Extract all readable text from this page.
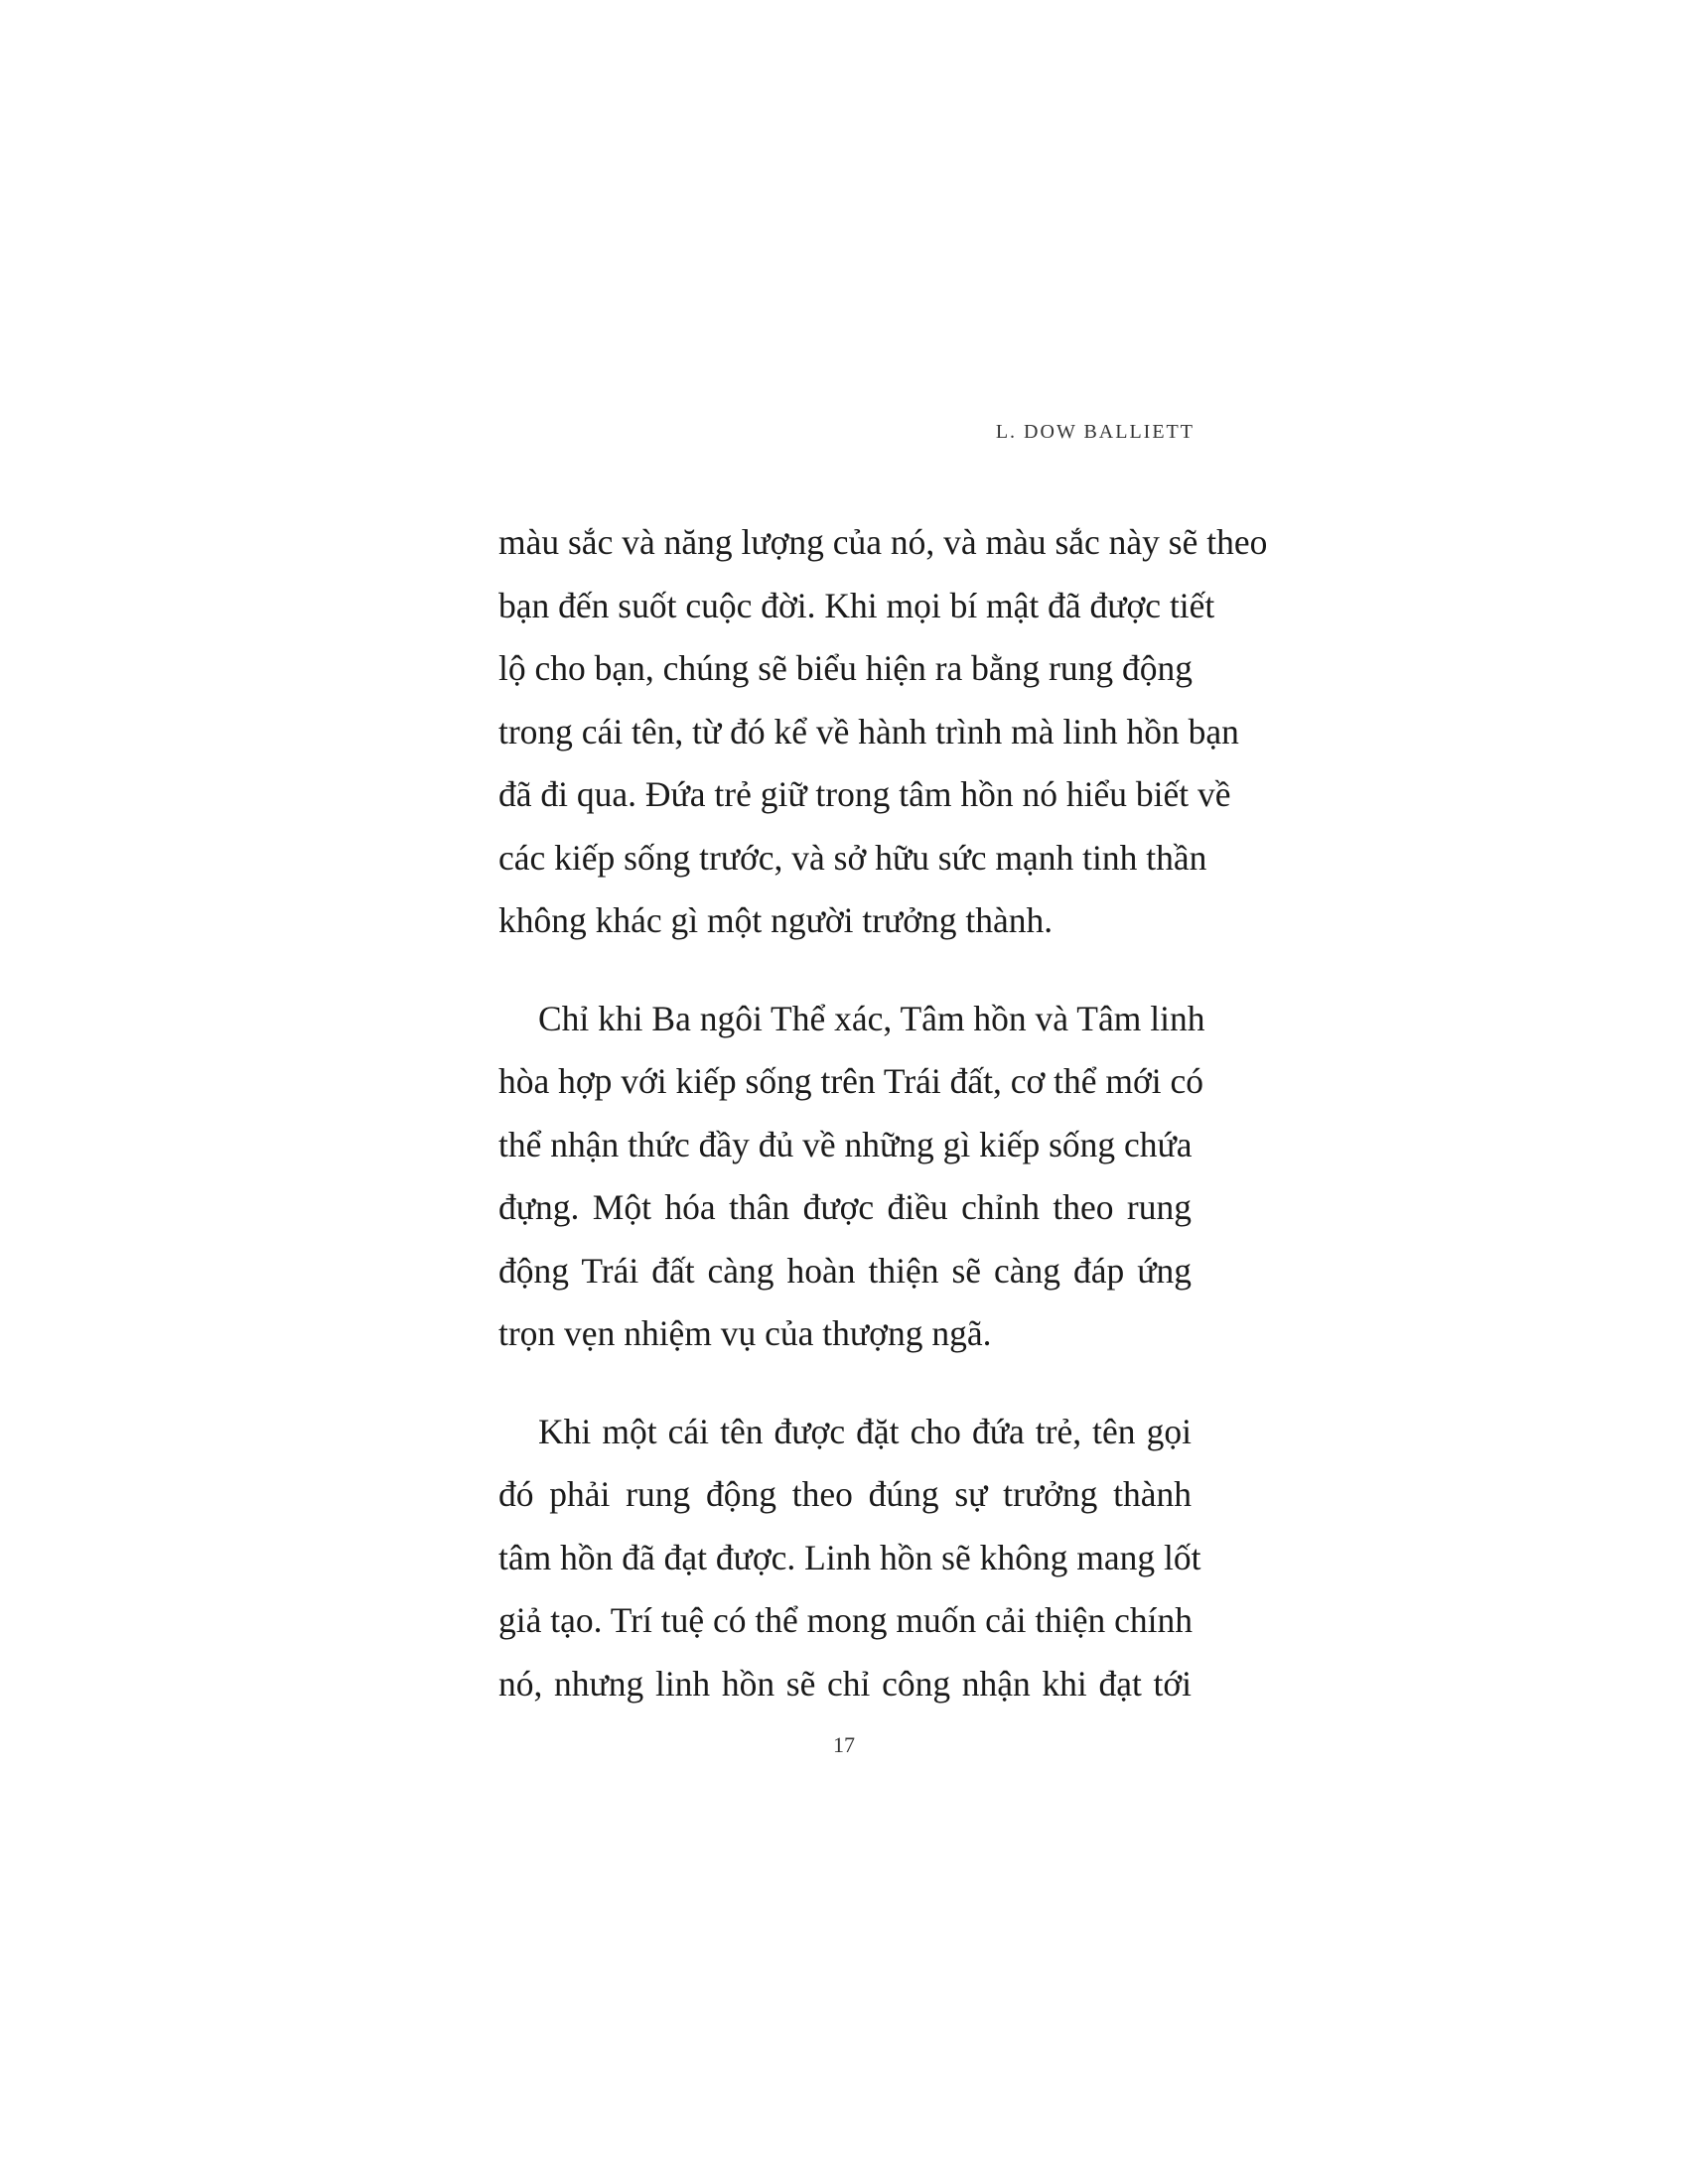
L. DOW BALLIETT
màu sắc và năng lượng của nó, và màu sắc này sẽ theo
bạn đến suốt cuộc đời. Khi mọi bí mật đã được tiết
lộ cho bạn, chúng sẽ biểu hiện ra bằng rung động
trong cái tên, từ đó kể về hành trình mà linh hồn bạn
đã đi qua. Đứa trẻ giữ trong tâm hồn nó hiểu biết về
các kiếp sống trước, và sở hữu sức mạnh tinh thần
không khác gì một người trưởng thành.
Chỉ khi Ba ngôi Thể xác, Tâm hồn và Tâm linh
hòa hợp với kiếp sống trên Trái đất, cơ thể mới có
thể nhận thức đầy đủ về những gì kiếp sống chứa
đựng. Một hóa thân được điều chỉnh theo rung
động Trái đất càng hoàn thiện sẽ càng đáp ứng
trọn vẹn nhiệm vụ của thượng ngã.
Khi một cái tên được đặt cho đứa trẻ, tên gọi
đó phải rung động theo đúng sự trưởng thành
tâm hồn đã đạt được. Linh hồn sẽ không mang lốt
giả tạo. Trí tuệ có thể mong muốn cải thiện chính
nó, nhưng linh hồn sẽ chỉ công nhận khi đạt tới
17
